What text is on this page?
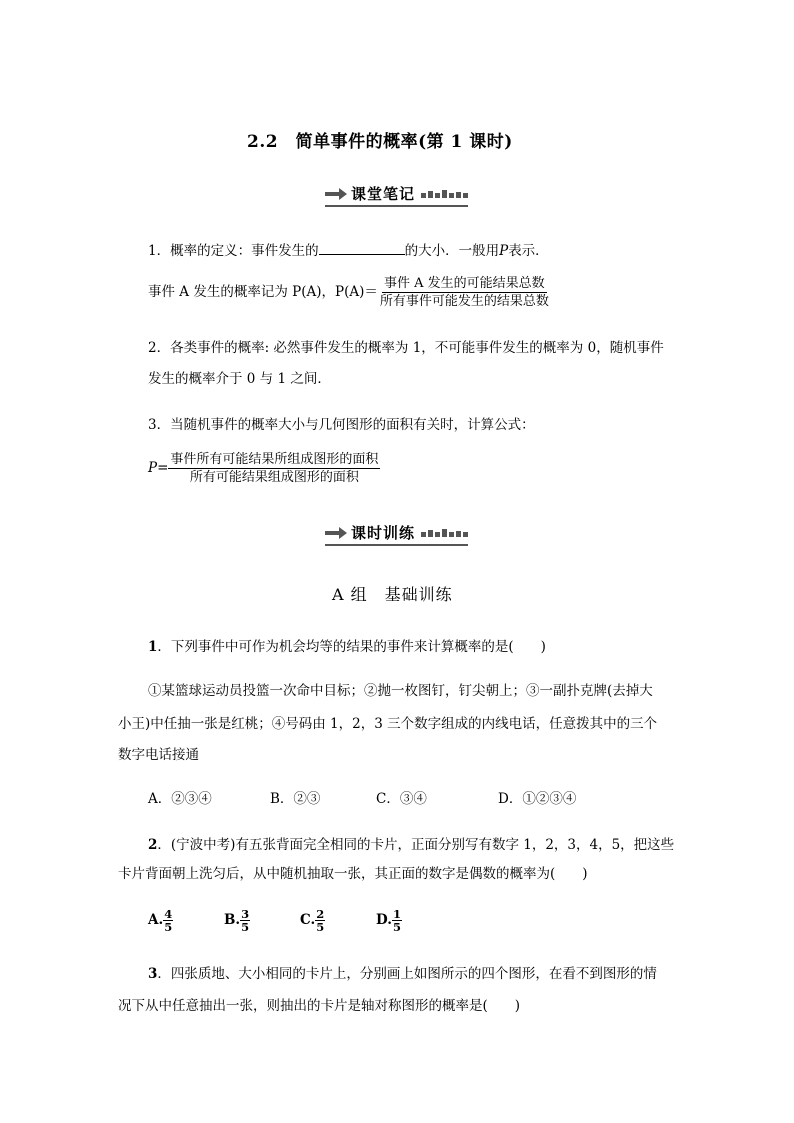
2.2　简单事件的概率(第 1 课时)
课堂笔记
1．概率的定义：事件发生的	的大小．一般用P表示．
事件 A 发生的概率记为 P(A)，$P(A)= \frac{\text{事件 A 发生的可能结果总数}}{\text{所有事件可能发生的结果总数}}$
2．各类事件的概率: 必然事件发生的概率为 1，不可能事件发生的概率为 0，随机事件
发生的概率介于 0 与 1 之间．
3．当随机事件的概率大小与几何图形的面积有关时，计算公式：
$P= \frac{\text{事件所有可能结果所组成图形的面积}}{\text{所有可能结果组成图形的面积}}$
课时训练
A 组　基础训练
1．下列事件中可作为机会均等的结果的事件来计算概率的是(　　)
①某篮球运动员投篮一次命中目标；②抛一枚图钉，钉尖朝上；③一副扑克牌(去掉大
小王)中任抽一张是红桃；④号码由 1，2，3 三个数字组成的内线电话，任意拨其中的三个
数字电话接通
A．②③④	B．②③	C．③④	D．①②③④
2．(宁波中考)有五张背面完全相同的卡片，正面分别写有数字 1，2，3，4，5，把这些
卡片背面朝上洗匀后，从中随机抽取一张，其正面的数字是偶数的概率为(　　)
A. $\frac{4}{5}$	B. $\frac{3}{5}$	C. $\frac{2}{5}$	D. $\frac{1}{5}$
3．四张质地、大小相同的卡片上，分别画上如图所示的四个图形，在看不到图形的情
况下从中任意抽出一张，则抽出的卡片是轴对称图形的概率是(　　)
